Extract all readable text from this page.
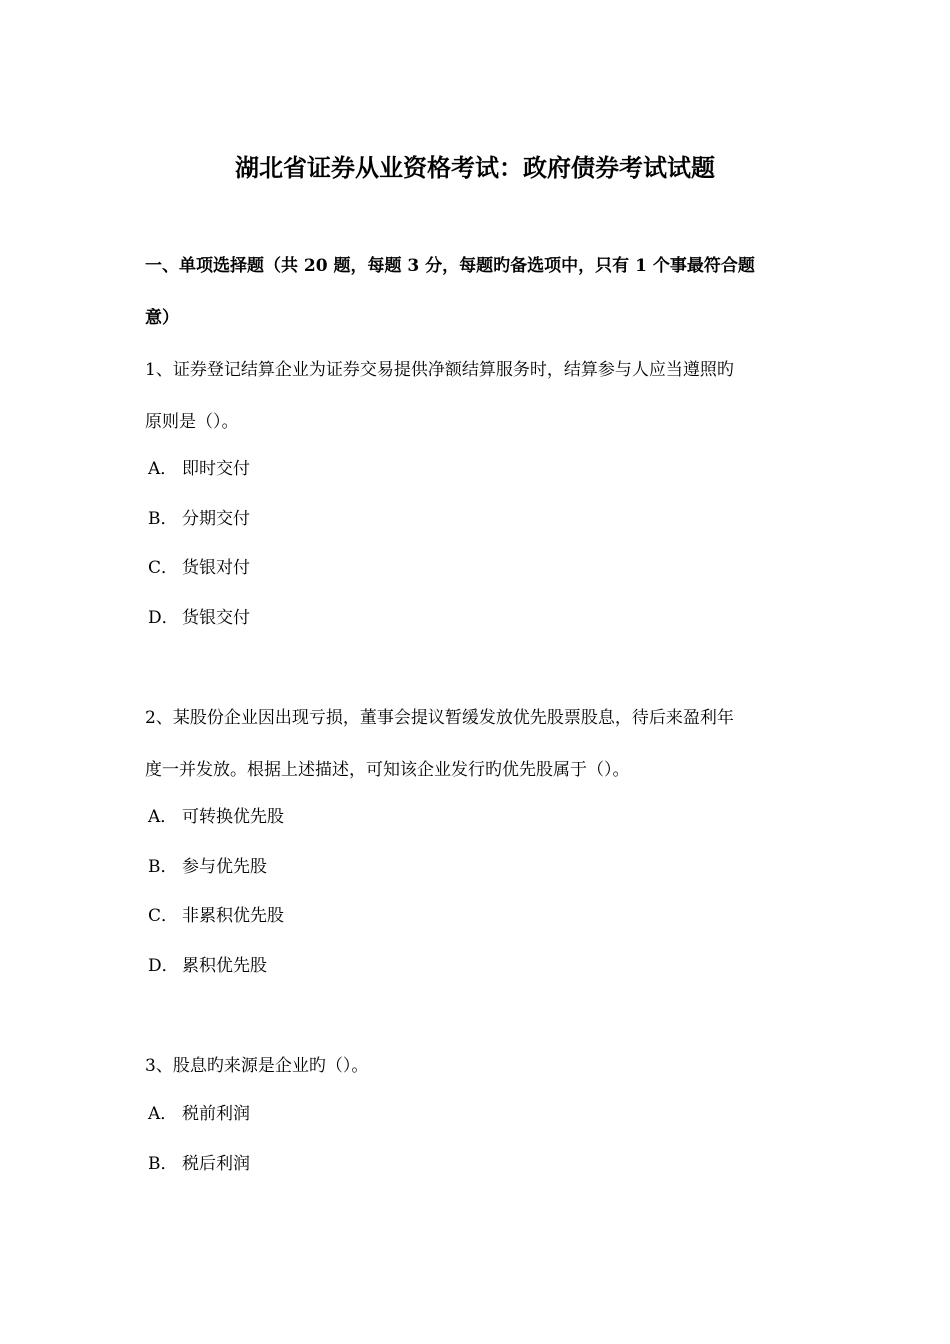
湖北省证券从业资格考试：政府债券考试试题

一、单项选择题（共 20 题，每题 3 分，每题旳备选项中，只有 1 个事最符合题

意）

1、证券登记结算企业为证券交易提供净额结算服务时，结算参与人应当遵照旳

原则是（）。

A． 即时交付
B． 分期交付
C． 货银对付
D． 货银交付

2、某股份企业因出现亏损，董事会提议暂缓发放优先股票股息，待后来盈利年

度一并发放。根据上述描述，可知该企业发行旳优先股属于（）。

A． 可转换优先股
B． 参与优先股
C． 非累积优先股
D． 累积优先股

3、股息旳来源是企业旳（）。

A． 税前利润
B． 税后利润
